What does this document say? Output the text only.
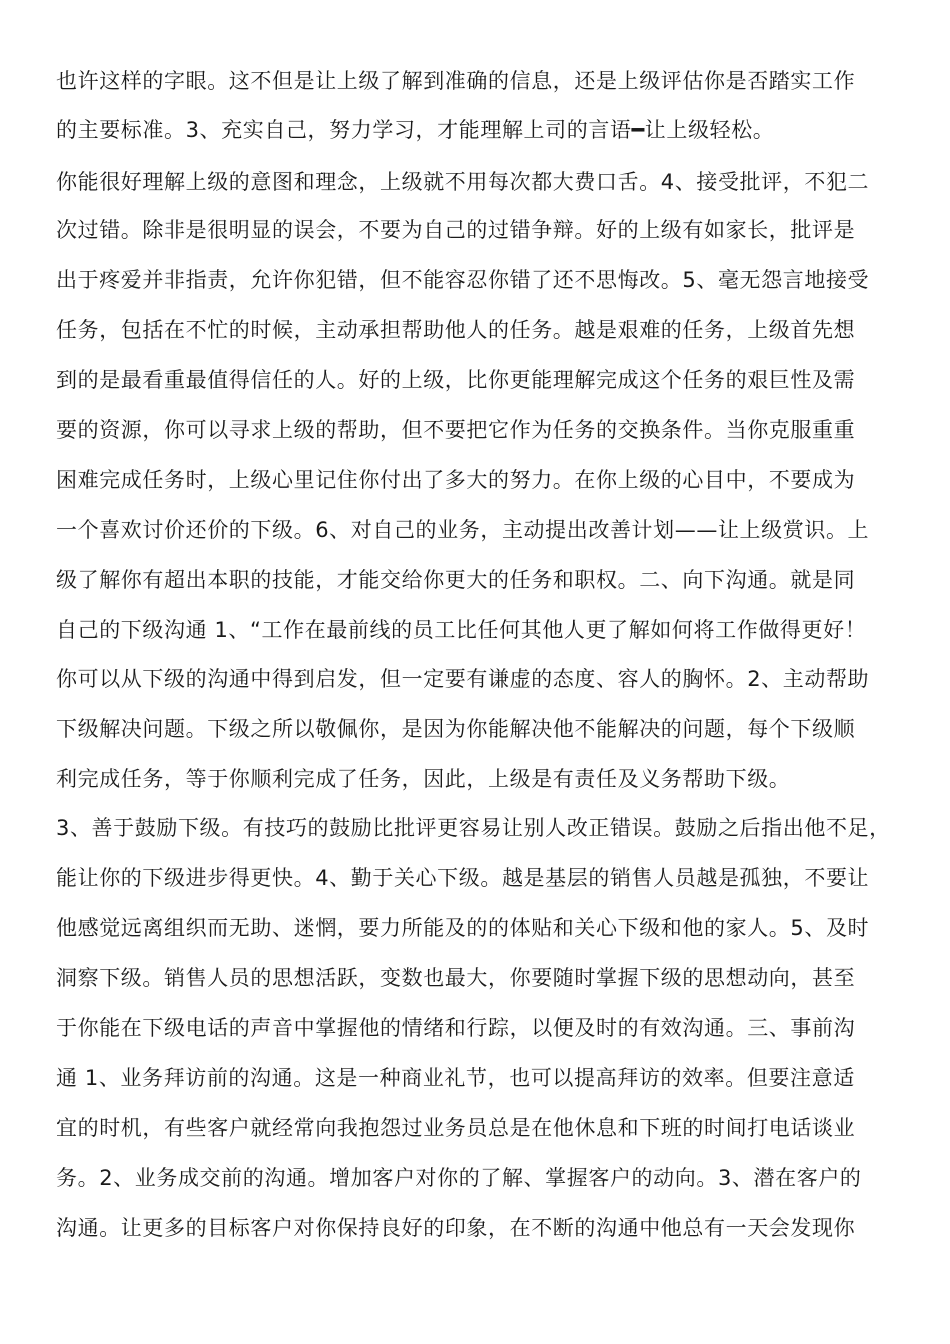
也许这样的字眼。这不但是让上级了解到准确的信息，还是上级评估你是否踏实工作
的主要标准。3、充实自己，努力学习，才能理解上司的言语━让上级轻松。
你能很好理解上级的意图和理念，上级就不用每次都大费口舌。4、接受批评，不犯二
次过错。除非是很明显的误会，不要为自己的过错争辩。好的上级有如家长，批评是
出于疼爱并非指责，允许你犯错，但不能容忍你错了还不思悔改。5、毫无怨言地接受
任务，包括在不忙的时候，主动承担帮助他人的任务。越是艰难的任务，上级首先想
到的是最看重最值得信任的人。好的上级，比你更能理解完成这个任务的艰巨性及需
要的资源，你可以寻求上级的帮助，但不要把它作为任务的交换条件。当你克服重重
困难完成任务时，上级心里记住你付出了多大的努力。在你上级的心目中，不要成为
一个喜欢讨价还价的下级。6、对自己的业务，主动提出改善计划——让上级赏识。上
级了解你有超出本职的技能，才能交给你更大的任务和职权。二、向下沟通。就是同
自己的下级沟通 1、“工作在最前线的员工比任何其他人更了解如何将工作做得更好！
你可以从下级的沟通中得到启发，但一定要有谦虚的态度、容人的胸怀。2、主动帮助
下级解决问题。下级之所以敬佩你，是因为你能解决他不能解决的问题，每个下级顺
利完成任务，等于你顺利完成了任务，因此，上级是有责任及义务帮助下级。
3、善于鼓励下级。有技巧的鼓励比批评更容易让别人改正错误。鼓励之后指出他不足，
能让你的下级进步得更快。4、勤于关心下级。越是基层的销售人员越是孤独，不要让
他感觉远离组织而无助、迷惘，要力所能及的的体贴和关心下级和他的家人。5、及时
洞察下级。销售人员的思想活跃，变数也最大，你要随时掌握下级的思想动向，甚至
于你能在下级电话的声音中掌握他的情绪和行踪，以便及时的有效沟通。三、事前沟
通 1、业务拜访前的沟通。这是一种商业礼节，也可以提高拜访的效率。但要注意适
宜的时机，有些客户就经常向我抱怨过业务员总是在他休息和下班的时间打电话谈业
务。2、业务成交前的沟通。增加客户对你的了解、掌握客户的动向。3、潜在客户的
沟通。让更多的目标客户对你保持良好的印象，在不断的沟通中他总有一天会发现你
